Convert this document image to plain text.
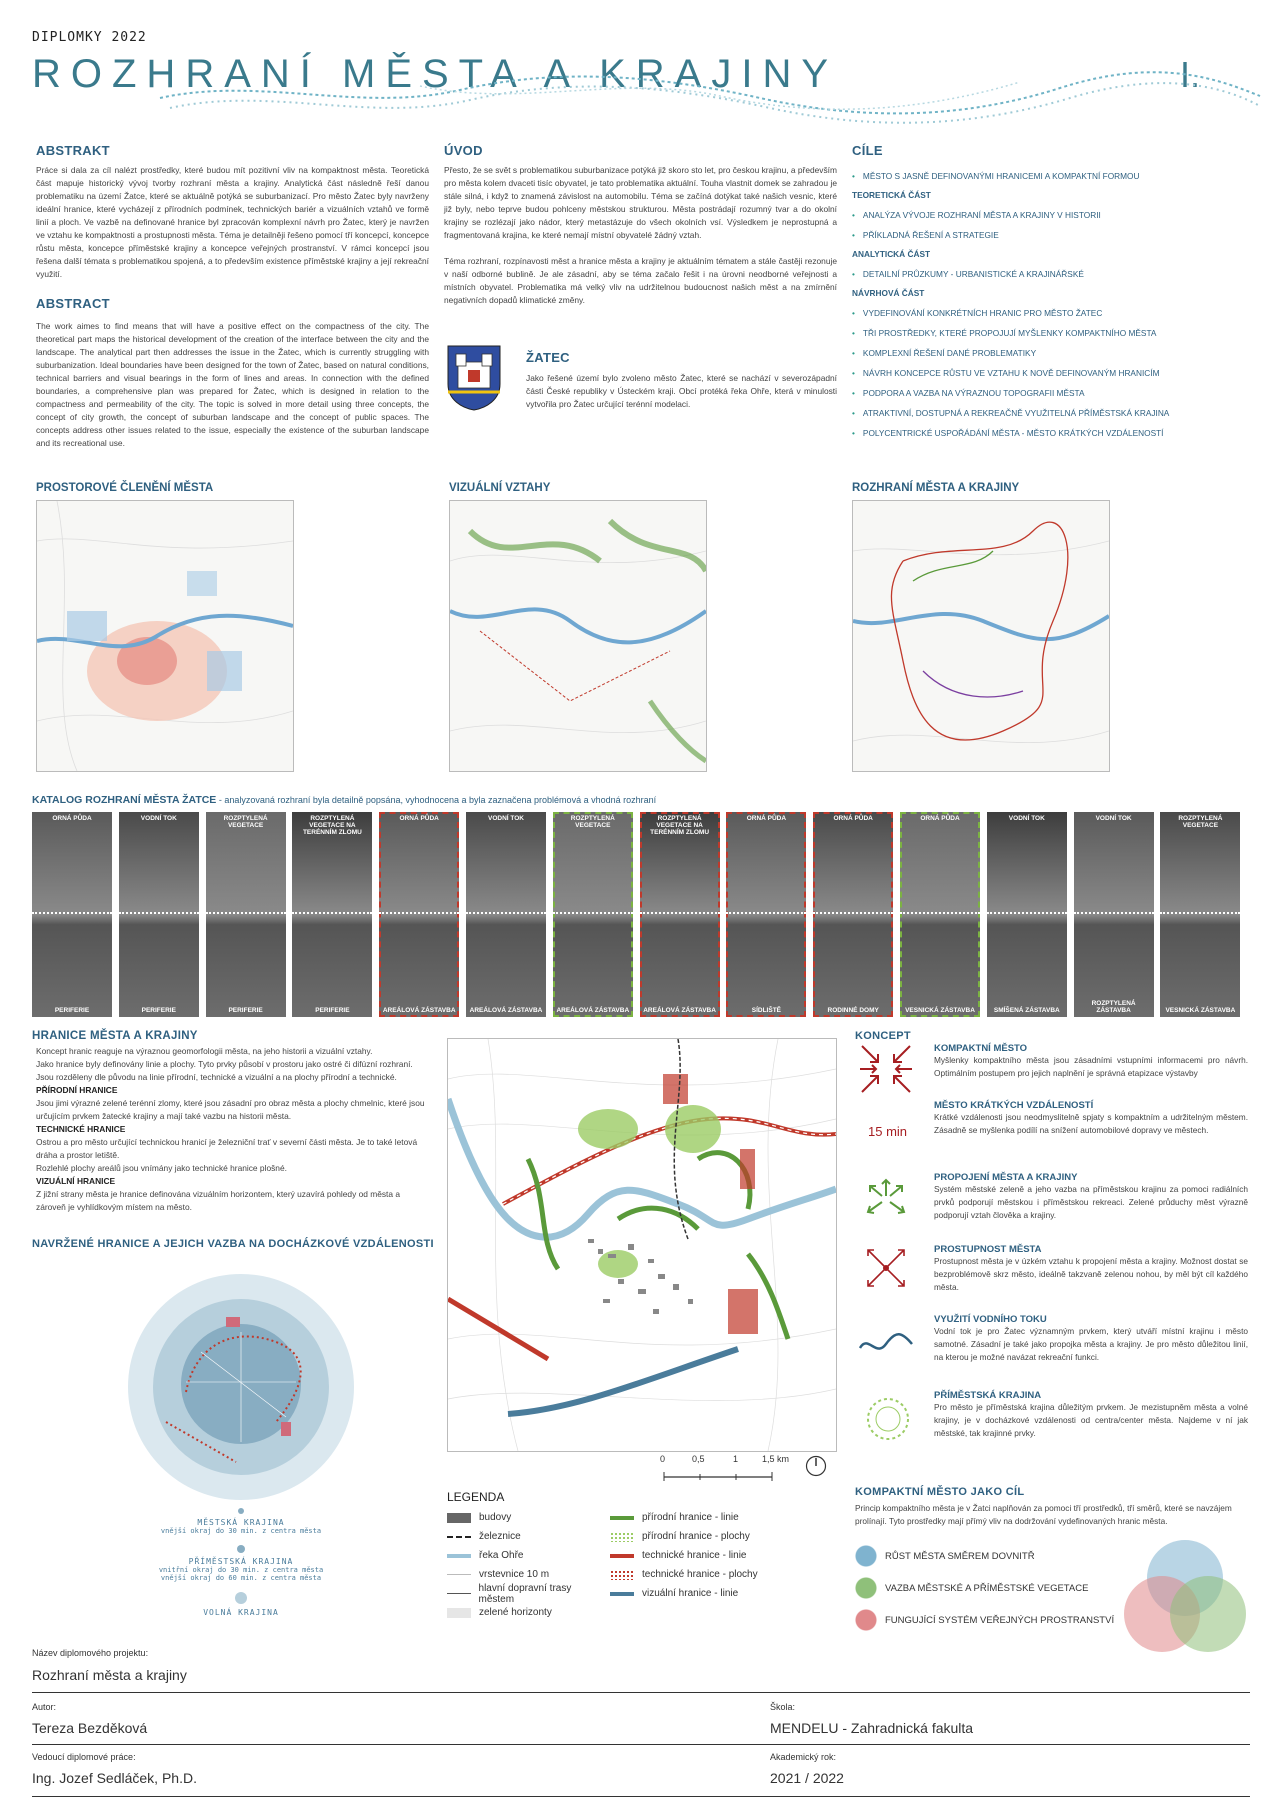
DIPLOMKY 2022
ROZHRANÍ MĚSTA A KRAJINY	I.
ABSTRAKT
Práce si dala za cíl nalézt prostředky, které budou mít pozitivní vliv na kompaktnost města. Teoretická část mapuje historický vývoj tvorby rozhraní města a krajiny. Analytická část následně řeší danou problematiku na území Žatce, které se aktuálně potýká se suburbanizací. Pro město Žatec byly navrženy ideální hranice, které vycházejí z přírodních podmínek, technických bariér a vizuálních vztahů ve formě linií a ploch. Ve vazbě na definované hranice byl zpracován komplexní návrh pro Žatec, který je navržen ve vztahu ke kompaktnosti a prostupnosti města. Téma je detailněji řešeno pomocí tří koncepcí, koncepce růstu města, koncepce příměstské krajiny a koncepce veřejných prostranství. V rámci koncepcí jsou řešena další témata s problematikou spojená, a to především existence příměstské krajiny a její rekreační využití.
ABSTRACT
The work aimes to find means that will have a positive effect on the compactness of the city. The theoretical part maps the historical development of the creation of the interface between the city and the landscape. The analytical part then addresses the issue in the Žatec, which is currently struggling with suburbanization. Ideal boundaries have been designed for the town of Žatec, based on natural conditions, technical barriers and visual bearings in the form of lines and areas. In connection with the defined boundaries, a comprehensive plan was prepared for Žatec, which is designed in relation to the compactness and permeability of the city. The topic is solved in more detail using three concepts, the concept of city growth, the concept of suburban landscape and the concept of public spaces. The concepts address other issues related to the issue, especially the existence of the suburban landscape and its recreational use.
ÚVOD
Přesto, že se svět s problematikou suburbanizace potýká již skoro sto let, pro českou krajinu, a především pro města kolem dvaceti tisíc obyvatel, je tato problematika aktuální. Touha vlastnit domek se zahradou je stále silná, i když to znamená závislost na automobilu. Téma se začíná dotýkat také našich vesnic, které již byly, nebo teprve budou pohlceny městskou strukturou. Města postrádají rozumný tvar a do okolní krajiny se rozlézají jako nádor, který metastázuje do všech okolních vsí. Výsledkem je neprostupná a fragmentovaná krajina, ke které nemají místní obyvatelé žádný vztah.
Téma rozhraní, rozpínavosti měst a hranice města a krajiny je aktuálním tématem a stále častěji rezonuje v naší odborné bublině. Je ale zásadní, aby se téma začalo řešit i na úrovni neodborné veřejnosti a místních obyvatel. Problematika má velký vliv na udržitelnou budoucnost našich měst a na zmírnění negativních dopadů klimatické změny.
ŽATEC
Jako řešené území bylo zvoleno město Žatec, které se nachází v severozápadní části České republiky v Ústeckém kraji. Obcí protéká řeka Ohře, která v minulosti vytvořila pro Žatec určující terénní modelaci.
CÍLE
• MĚSTO S JASNĚ DEFINOVANÝMI HRANICEMI A KOMPAKTNÍ FORMOU
TEORETICKÁ ČÁST
• ANALÝZA VÝVOJE ROZHRANÍ MĚSTA A KRAJINY V HISTORII
• PŘÍKLADNÁ ŘEŠENÍ A STRATEGIE
ANALYTICKÁ ČÁST
• DETAILNÍ PRŮZKUMY - URBANISTICKÉ A KRAJINÁŘSKÉ
NÁVRHOVÁ ČÁST
• VYDEFINOVÁNÍ KONKRÉTNÍCH HRANIC PRO MĚSTO ŽATEC
• TŘI PROSTŘEDKY, KTERÉ PROPOJUJÍ MYŠLENKY KOMPAKTNÍHO MĚSTA
• KOMPLEXNÍ ŘEŠENÍ DANÉ PROBLEMATIKY
• NÁVRH KONCEPCE RŮSTU VE VZTAHU K NOVĚ DEFINOVANÝM HRANICÍM
• PODPORA A VAZBA NA VÝRAZNOU TOPOGRAFII MĚSTA
• ATRAKTIVNÍ, DOSTUPNÁ A REKREAČNĚ VYUŽITELNÁ PŘÍMĚSTSKÁ KRAJINA
• POLYCENTRICKÉ USPOŘÁDÁNÍ MĚSTA - MĚSTO KRÁTKÝCH VZDÁLENOSTÍ
PROSTOROVÉ ČLENĚNÍ MĚSTA	VIZUÁLNÍ VZTAHY	ROZHRANÍ MĚSTA A KRAJINY
KATALOG ROZHRANÍ MĚSTA ŽATCE - analyzovaná rozhraní byla detailně popsána, vyhodnocena a byla zaznačena problémová a vhodná rozhraní
ORNÁ PŮDA
PERIFERIE
VODNÍ TOK
PERIFERIE
ROZPTYLENÁ VEGETACE
PERIFERIE
ROZPTYLENÁ VEGETACE NA TERÉNNÍM ZLOMU
PERIFERIE
ORNÁ PŮDA
AREÁLOVÁ ZÁSTAVBA
VODNÍ TOK
AREÁLOVÁ ZÁSTAVBA
ROZPTYLENÁ VEGETACE
AREÁLOVÁ ZÁSTAVBA
ROZPTYLENÁ VEGETACE NA TERÉNNÍM ZLOMU
AREÁLOVÁ ZÁSTAVBA
ORNÁ PŮDA
SÍDLIŠTĚ
ORNÁ PŮDA
RODINNÉ DOMY
ORNÁ PŮDA
VESNICKÁ ZÁSTAVBA
VODNÍ TOK
SMÍŠENÁ ZÁSTAVBA
VODNÍ TOK
ROZPTYLENÁ ZÁSTAVBA
ROZPTYLENÁ VEGETACE
VESNICKÁ ZÁSTAVBA
HRANICE MĚSTA A KRAJINY
Koncept hranic reaguje na výraznou geomorfologii města, na jeho historii a vizuální vztahy.
Jako hranice byly definovány linie a plochy. Tyto prvky působí v prostoru jako ostré či difúzní rozhraní. Jsou rozděleny dle původu na linie přírodní, technické a vizuální a na plochy přírodní a technické.
PŘÍRODNÍ HRANICE
Jsou jimi výrazné zelené terénní zlomy, které jsou zásadní pro obraz města a plochy chmelnic, které jsou určujícím prvkem žatecké krajiny a mají také vazbu na historii města.
TECHNICKÉ HRANICE
Ostrou a pro město určující technickou hranicí je železniční trať v severní části města. Je to také letová dráha a prostor letiště.
Rozlehlé plochy areálů jsou vnímány jako technické hranice plošné.
VIZUÁLNÍ HRANICE
Z jižní strany města je hranice definována vizuálním horizontem, který uzavírá pohledy od města a zároveň je vyhlídkovým místem na město.
NAVRŽENÉ HRANICE A JEJICH VAZBA NA DOCHÁZKOVÉ VZDÁLENOSTI
MĚSTSKÁ KRAJINA
vnější okraj do 30 min. z centra města
PŘÍMĚSTSKÁ KRAJINA
vnitřní okraj do 30 min. z centra města
vnější okraj do 60 min. z centra města
VOLNÁ KRAJINA
0	0,5	1	1,5 km
LEGENDA
budovy
železnice
řeka Ohře
vrstevnice 10 m
hlavní dopravní trasy městem
zelené horizonty
přírodní hranice - linie
přírodní hranice - plochy
technické hranice - linie
technické hranice - plochy
vizuální hranice - linie
KONCEPT
15 min
KOMPAKTNÍ MĚSTO
Myšlenky kompaktního města jsou zásadními vstupními informacemi pro návrh. Optimálním postupem pro jejich naplnění je správná etapizace výstavby
MĚSTO KRÁTKÝCH VZDÁLENOSTÍ
Krátké vzdálenosti jsou neodmyslitelně spjaty s kompaktním a udržitelným městem. Zásadně se myšlenka podílí na snížení automobilové dopravy ve městech.
PROPOJENÍ MĚSTA A KRAJINY
Systém městské zeleně a jeho vazba na příměstskou krajinu za pomoci radiálních prvků podporují městskou i příměstskou rekreaci. Zelené průduchy měst výrazně podporují vztah člověka a krajiny.
PROSTUPNOST MĚSTA
Prostupnost města je v úzkém vztahu k propojení města a krajiny. Možnost dostat se bezproblémově skrz město, ideálně takzvaně zelenou nohou, by měl být cíl každého města.
VYUŽITÍ VODNÍHO TOKU
Vodní tok je pro Žatec významným prvkem, který utváří místní krajinu i město samotné. Zásadní je také jako propojka města a krajiny. Je pro město důležitou linií, na kterou je možné navázat rekreační funkci.
PŘÍMĚSTSKÁ KRAJINA
Pro město je příměstská krajina důležitým prvkem. Je mezistupněm města a volné krajiny, je v docházkové vzdálenosti od centra/center města. Najdeme v ní jak městské, tak krajinné prvky.
KOMPAKTNÍ MĚSTO JAKO CÍL
Princip kompaktního města je v Žatci naplňován za pomoci tří prostředků, tří směrů, které se navzájem prolínají. Tyto prostředky mají přímý vliv na dodržování vydefinovaných hranic města.
RŮST MĚSTA SMĚREM DOVNITŘ
VAZBA MĚSTSKÉ A PŘÍMĚSTSKÉ VEGETACE
FUNGUJÍCÍ SYSTÉM VEŘEJNÝCH PROSTRANSTVÍ
Název diplomového projektu:
Rozhraní města a krajiny
Autor:
Tereza Bezděková
Škola:
MENDELU - Zahradnická fakulta
Vedoucí diplomové práce:
Ing. Jozef Sedláček, Ph.D.
Akademický rok:
2021 / 2022
